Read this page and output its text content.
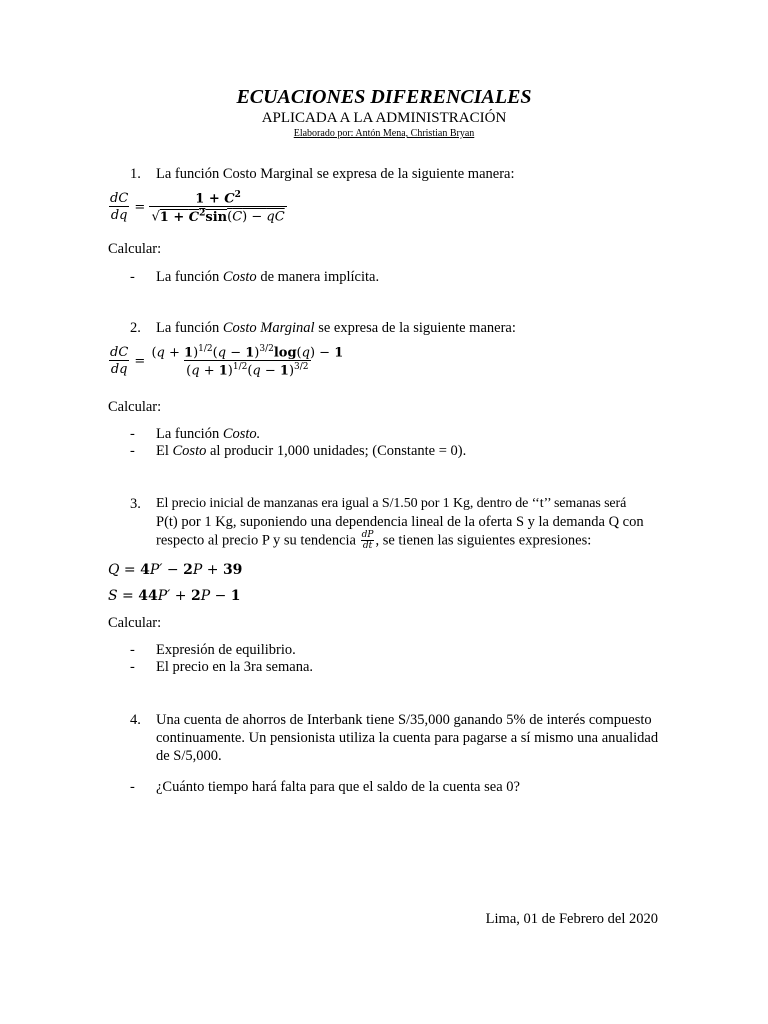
ECUACIONES DIFERENCIALES
APLICADA A LA ADMINISTRACIÓN
Elaborado por: Antón Mena, Christian Bryan
1.	La función Costo Marginal se expresa de la siguiente manera:
$\frac{dC}{dq} = \frac{1 + C^2}{√1 + C^2\sin(C) - qC}$
Calcular:
-	La función Costo de manera implícita.
2.	La función Costo Marginal se expresa de la siguiente manera:
$\frac{dC}{dq} = \frac{(q + 1)^{1/2}(q - 1)^{3/2}\log(q) - 1}{(q + 1)^{1/2}(q - 1)^{3/2}}$
Calcular:
-	La función Costo.
-	El Costo al producir 1,000 unidades; (Constante = 0).
3.	El precio inicial de manzanas era igual a S/1.50 por 1 Kg, dentro de ‘‘t’’ semanas será
P(t) por 1 Kg, suponiendo una dependencia lineal de la oferta S y la demanda Q con
respecto al precio P y su tendencia $\frac{dP}{dt}$ , se tienen las siguientes expresiones:
Q = 4P′ − 2P + 39
S = 44P′ + 2P − 1
Calcular:
-	Expresión de equilibrio.
-	El precio en la 3ra semana.
4.	Una cuenta de ahorros de Interbank tiene S/35,000 ganando 5% de interés compuesto
continuamente. Un pensionista utiliza la cuenta para pagarse a sí mismo una anualidad
de S/5,000.
-	¿Cuánto tiempo hará falta para que el saldo de la cuenta sea 0?
Lima, 01 de Febrero del 2020
